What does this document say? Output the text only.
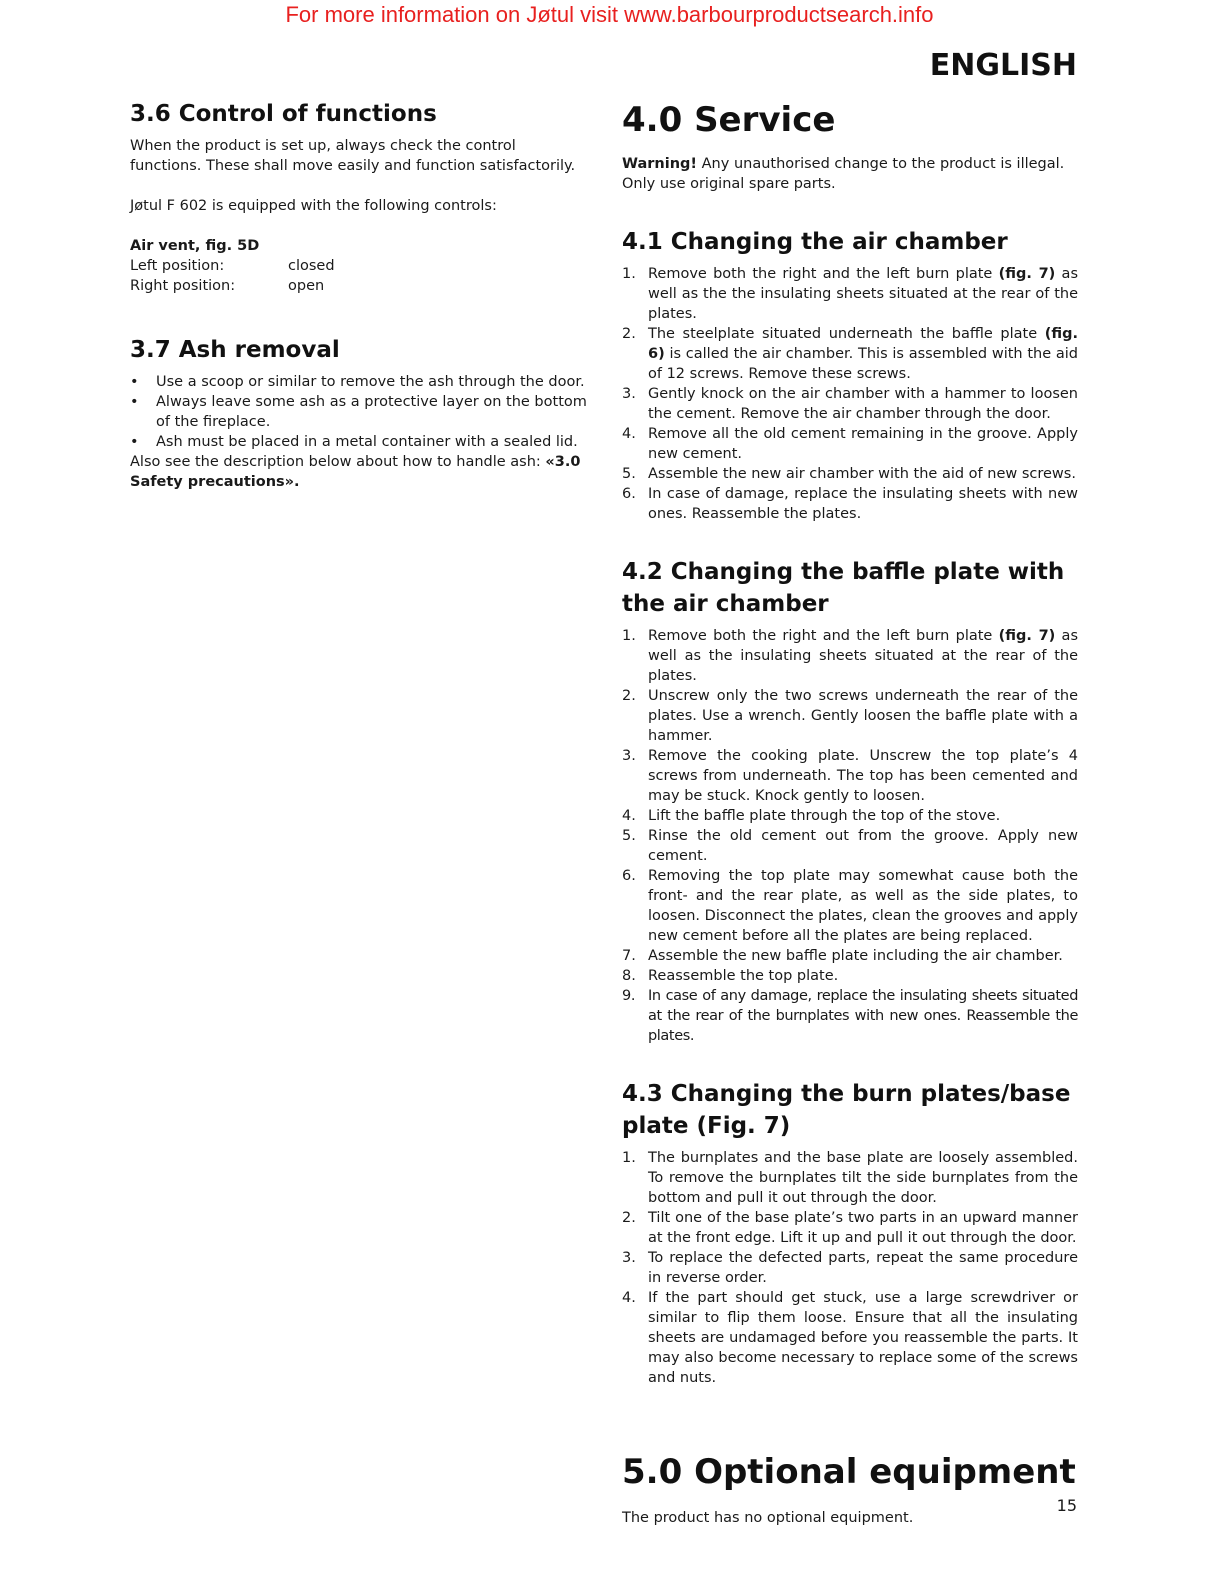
For more information on Jøtul visit www.barbourproductsearch.info
ENGLISH
3.6 Control of functions

When the product is set up, always check the control functions. These shall move easily and function satisfactorily.

Jøtul F 602 is equipped with the following controls:

Air vent, fig. 5D

Left position:	closed
Right position:	open
3.7 Ash removal
• Use a scoop or similar to remove the ash through the door.
• Always leave some ash as a protective layer on the bottom of the fireplace.
• Ash must be placed in a metal container with a sealed lid.

Also see the description below about how to handle ash: «3.0 Safety precautions».

4.0 Service

Warning! Any unauthorised change to the product is illegal. Only use original spare parts.

4.1 Changing the air chamber
1. Remove both the right and the left burn plate (fig. 7) as well as the the insulating sheets situated at the rear of the plates.
2. The steelplate situated underneath the baffle plate (fig. 6) is called the air chamber. This is assembled with the aid of 12 screws. Remove these screws.
3. Gently knock on the air chamber with a hammer to loosen the cement. Remove the air chamber through the door.
4. Remove all the old cement remaining in the groove. Apply new cement.
5. Assemble the new air chamber with the aid of new screws.
6. In case of damage, replace the insulating sheets with new ones. Reassemble the plates.
4.2 Changing the baffle plate with the air chamber
1. Remove both the right and the left burn plate (fig. 7) as well as the insulating sheets situated at the rear of the plates.
2. Unscrew only the two screws underneath the rear of the plates. Use a wrench. Gently loosen the baffle plate with a hammer.
3. Remove the cooking plate. Unscrew the top plate’s 4 screws from underneath. The top has been cemented and may be stuck. Knock gently to loosen.
4. Lift the baffle plate through the top of the stove.
5. Rinse the old cement out from the groove. Apply new cement.
6. Removing the top plate may somewhat cause both the front- and the rear plate, as well as the side plates, to loosen. Disconnect the plates, clean the grooves and apply new cement before all the plates are being replaced.
7. Assemble the new baffle plate including the air chamber.
8. Reassemble the top plate.
9. In case of any damage, replace the insulating sheets situated at the rear of the burnplates with new ones. Reassemble the plates.
4.3 Changing the burn plates/base plate (Fig. 7)
1. The burnplates and the base plate are loosely assembled. To remove the burnplates tilt the side burnplates from the bottom and pull it out through the door.
2. Tilt one of the base plate’s two parts in an upward manner at the front edge. Lift it up and pull it out through the door.
3. To replace the defected parts, repeat the same procedure in reverse order.
4. If the part should get stuck, use a large screwdriver or similar to flip them loose. Ensure that all the insulating sheets are undamaged before you reassemble the parts. It may also become necessary to replace some of the screws and nuts.
5.0 Optional equipment

The product has no optional equipment.

15
